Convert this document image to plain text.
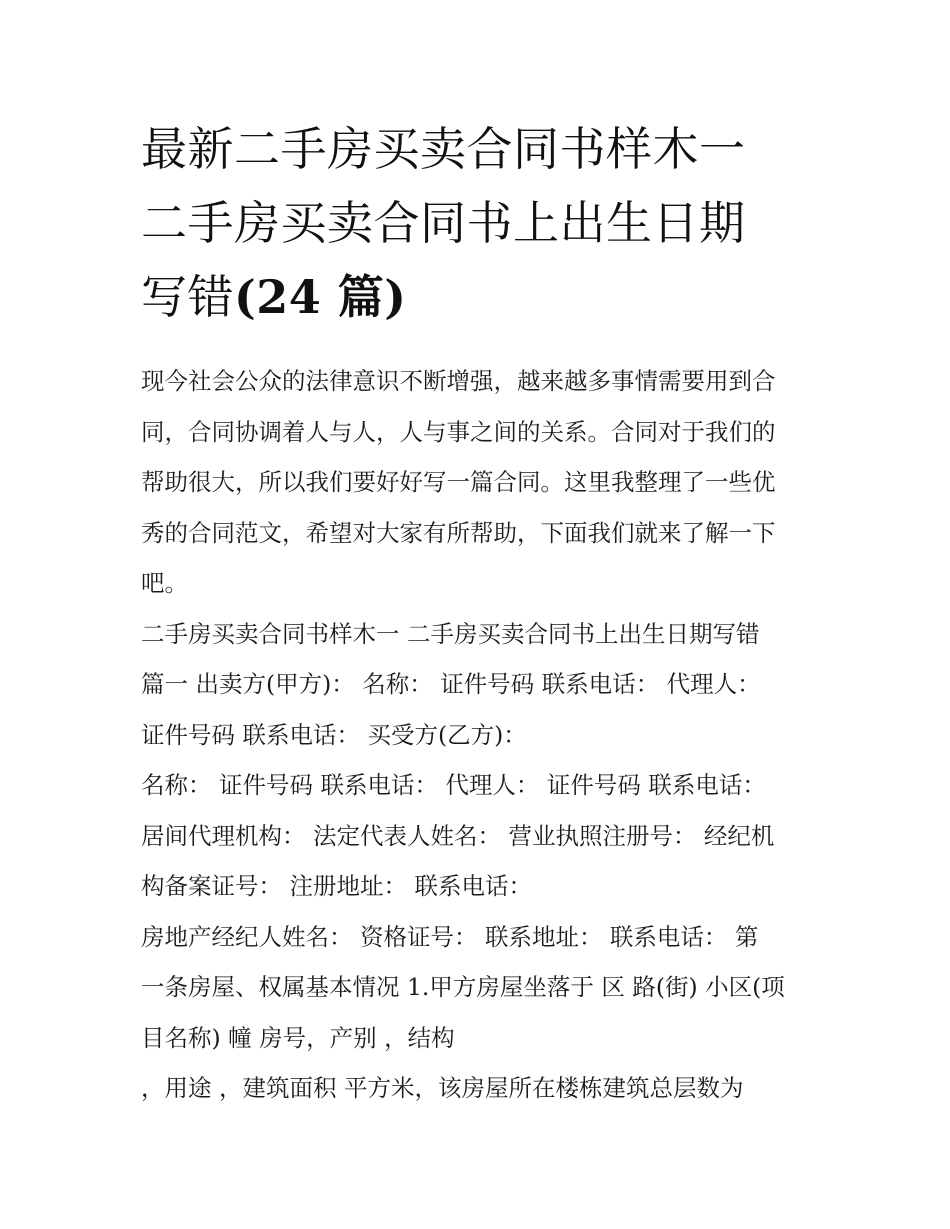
最新二手房买卖合同书样木一
二手房买卖合同书上出生日期
写错(24 篇)
现今社会公众的法律意识不断增强，越来越多事情需要用到合
同，合同协调着人与人，人与事之间的关系。合同对于我们的
帮助很大，所以我们要好好写一篇合同。这里我整理了一些优
秀的合同范文，希望对大家有所帮助，下面我们就来了解一下
吧。
二手房买卖合同书样木一 二手房买卖合同书上出生日期写错
篇一 出卖方(甲方)： 名称： 证件号码 联系电话： 代理人：
证件号码 联系电话： 买受方(乙方)：
名称： 证件号码 联系电话： 代理人： 证件号码 联系电话：
居间代理机构： 法定代表人姓名： 营业执照注册号： 经纪机
构备案证号： 注册地址： 联系电话：
房地产经纪人姓名： 资格证号： 联系地址： 联系电话： 第
一条房屋、权属基本情况 1.甲方房屋坐落于 区 路(街) 小区(项
目名称) 幢 房号，产别 ，结构
，用途 ，建筑面积 平方米，该房屋所在楼栋建筑总层数为
